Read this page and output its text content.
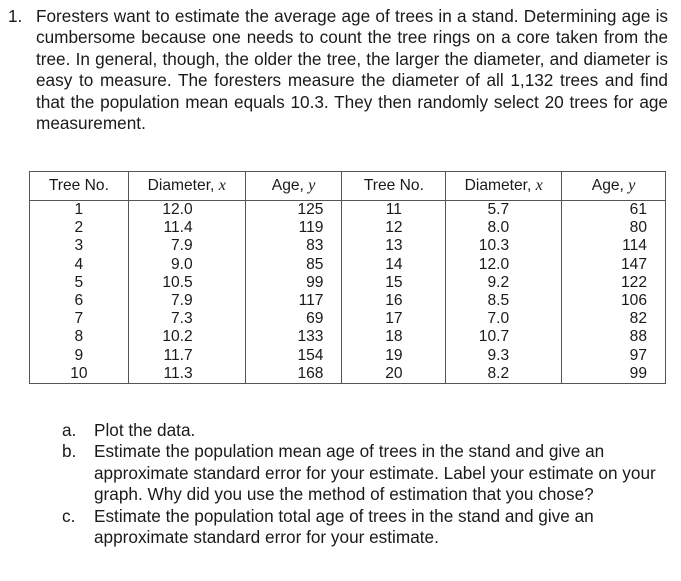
1. Foresters want to estimate the average age of trees in a stand. Determining age is cumbersome because one needs to count the tree rings on a core taken from the tree. In general, though, the older the tree, the larger the diameter, and diameter is easy to measure. The foresters measure the diameter of all 1,132 trees and find that the population mean equals 10.3. They then randomly select 20 trees for age measurement.
Tree No.	Diameter, x	Age, y	Tree No.	Diameter, x	Age, y
1	12.0	125	11	5.7	61
2	11.4	119	12	8.0	80
3	7.9	83	13	10.3	114
4	9.0	85	14	12.0	147
5	10.5	99	15	9.2	122
6	7.9	117	16	8.5	106
7	7.3	69	17	7.0	82
8	10.2	133	18	10.7	88
9	11.7	154	19	9.3	97
10	11.3	168	20	8.2	99
a. Plot the data.
b. Estimate the population mean age of trees in the stand and give an approximate standard error for your estimate. Label your estimate on your graph. Why did you use the method of estimation that you chose?
c. Estimate the population total age of trees in the stand and give an approximate standard error for your estimate.
